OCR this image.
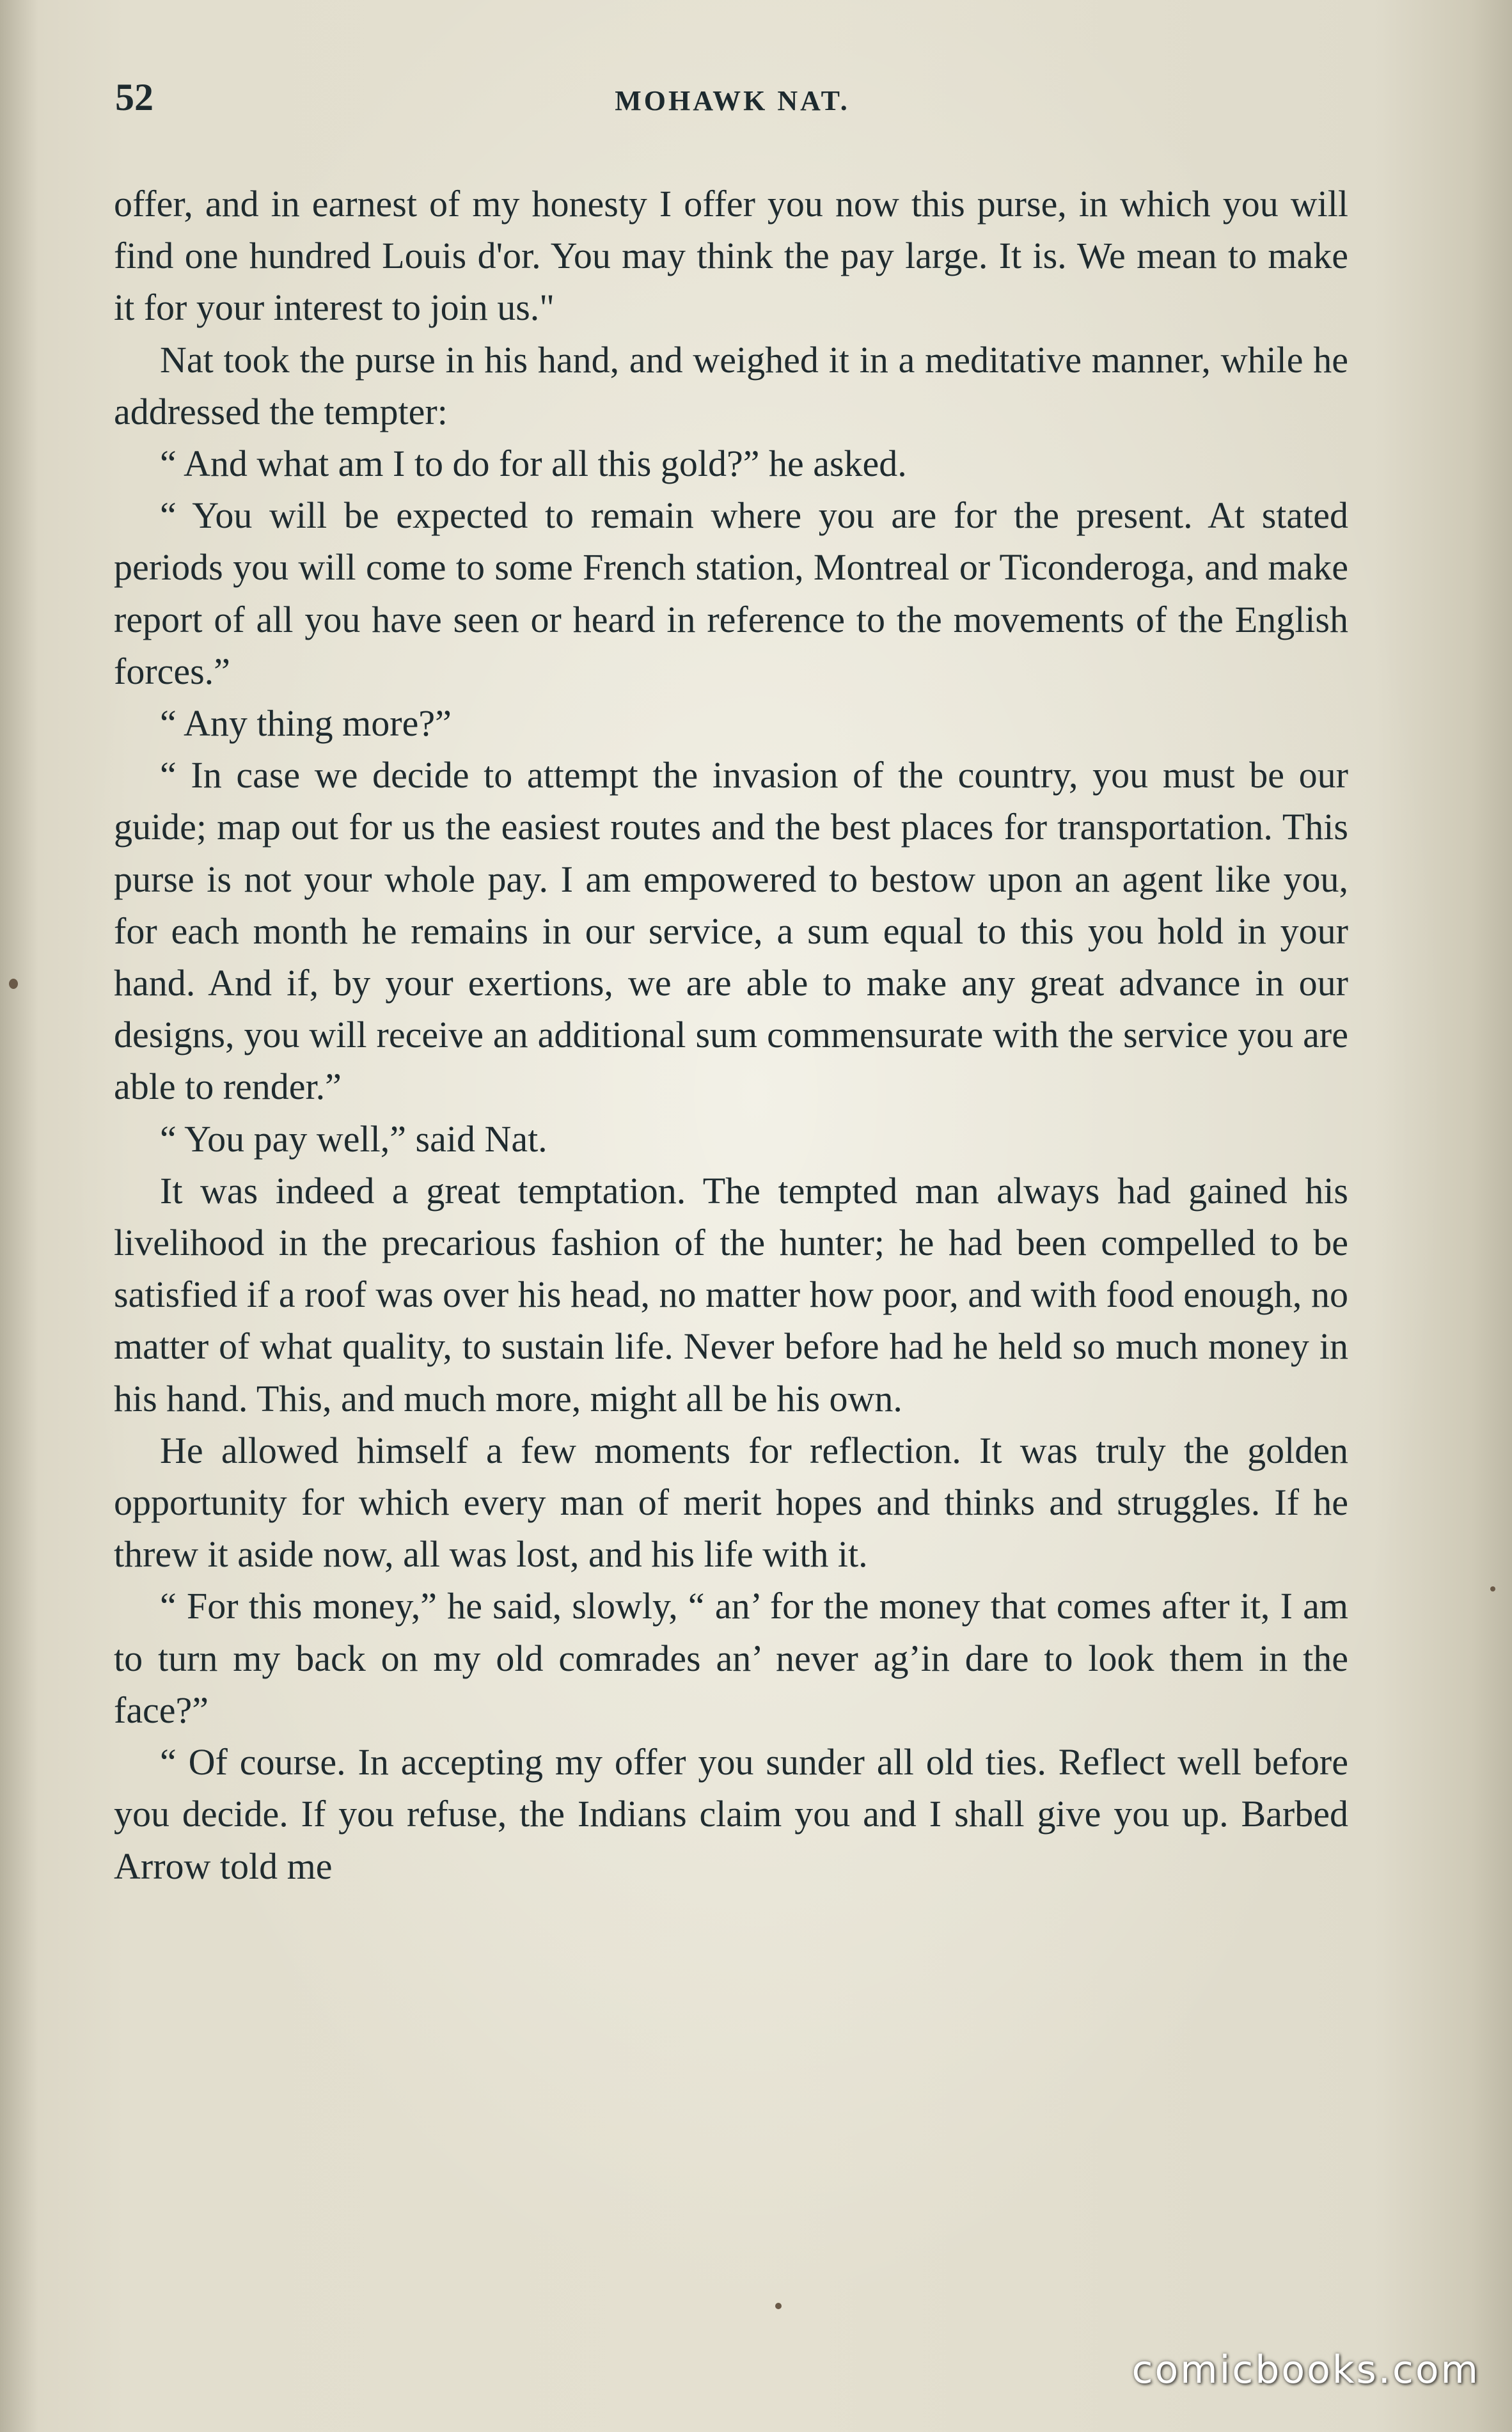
52	MOHAWK NAT.

offer, and in earnest of my honesty I offer you now this purse, in which you will find one hundred Louis d'or. You may think the pay large. It is. We mean to make it for your interest to join us."

Nat took the purse in his hand, and weighed it in a meditative manner, while he addressed the tempter:

“ And what am I to do for all this gold?” he asked.

“ You will be expected to remain where you are for the present. At stated periods you will come to some French station, Montreal or Ticonderoga, and make report of all you have seen or heard in reference to the movements of the English forces.”

“ Any thing more?”

“ In case we decide to attempt the invasion of the country, you must be our guide; map out for us the easiest routes and the best places for transportation. This purse is not your whole pay. I am empowered to bestow upon an agent like you, for each month he remains in our service, a sum equal to this you hold in your hand. And if, by your exertions, we are able to make any great advance in our designs, you will receive an additional sum commensurate with the service you are able to render.”

“ You pay well,” said Nat.

It was indeed a great temptation. The tempted man always had gained his livelihood in the precarious fashion of the hunter; he had been compelled to be satisfied if a roof was over his head, no matter how poor, and with food enough, no matter of what quality, to sustain life. Never before had he held so much money in his hand. This, and much more, might all be his own.

He allowed himself a few moments for reflection. It was truly the golden opportunity for which every man of merit hopes and thinks and struggles. If he threw it aside now, all was lost, and his life with it.

“ For this money,” he said, slowly, “ an’ for the money that comes after it, I am to turn my back on my old comrades an’ never ag’in dare to look them in the face?”

“ Of course. In accepting my offer you sunder all old ties. Reflect well before you decide. If you refuse, the Indians claim you and I shall give you up. Barbed Arrow told me

comicbooks.com
